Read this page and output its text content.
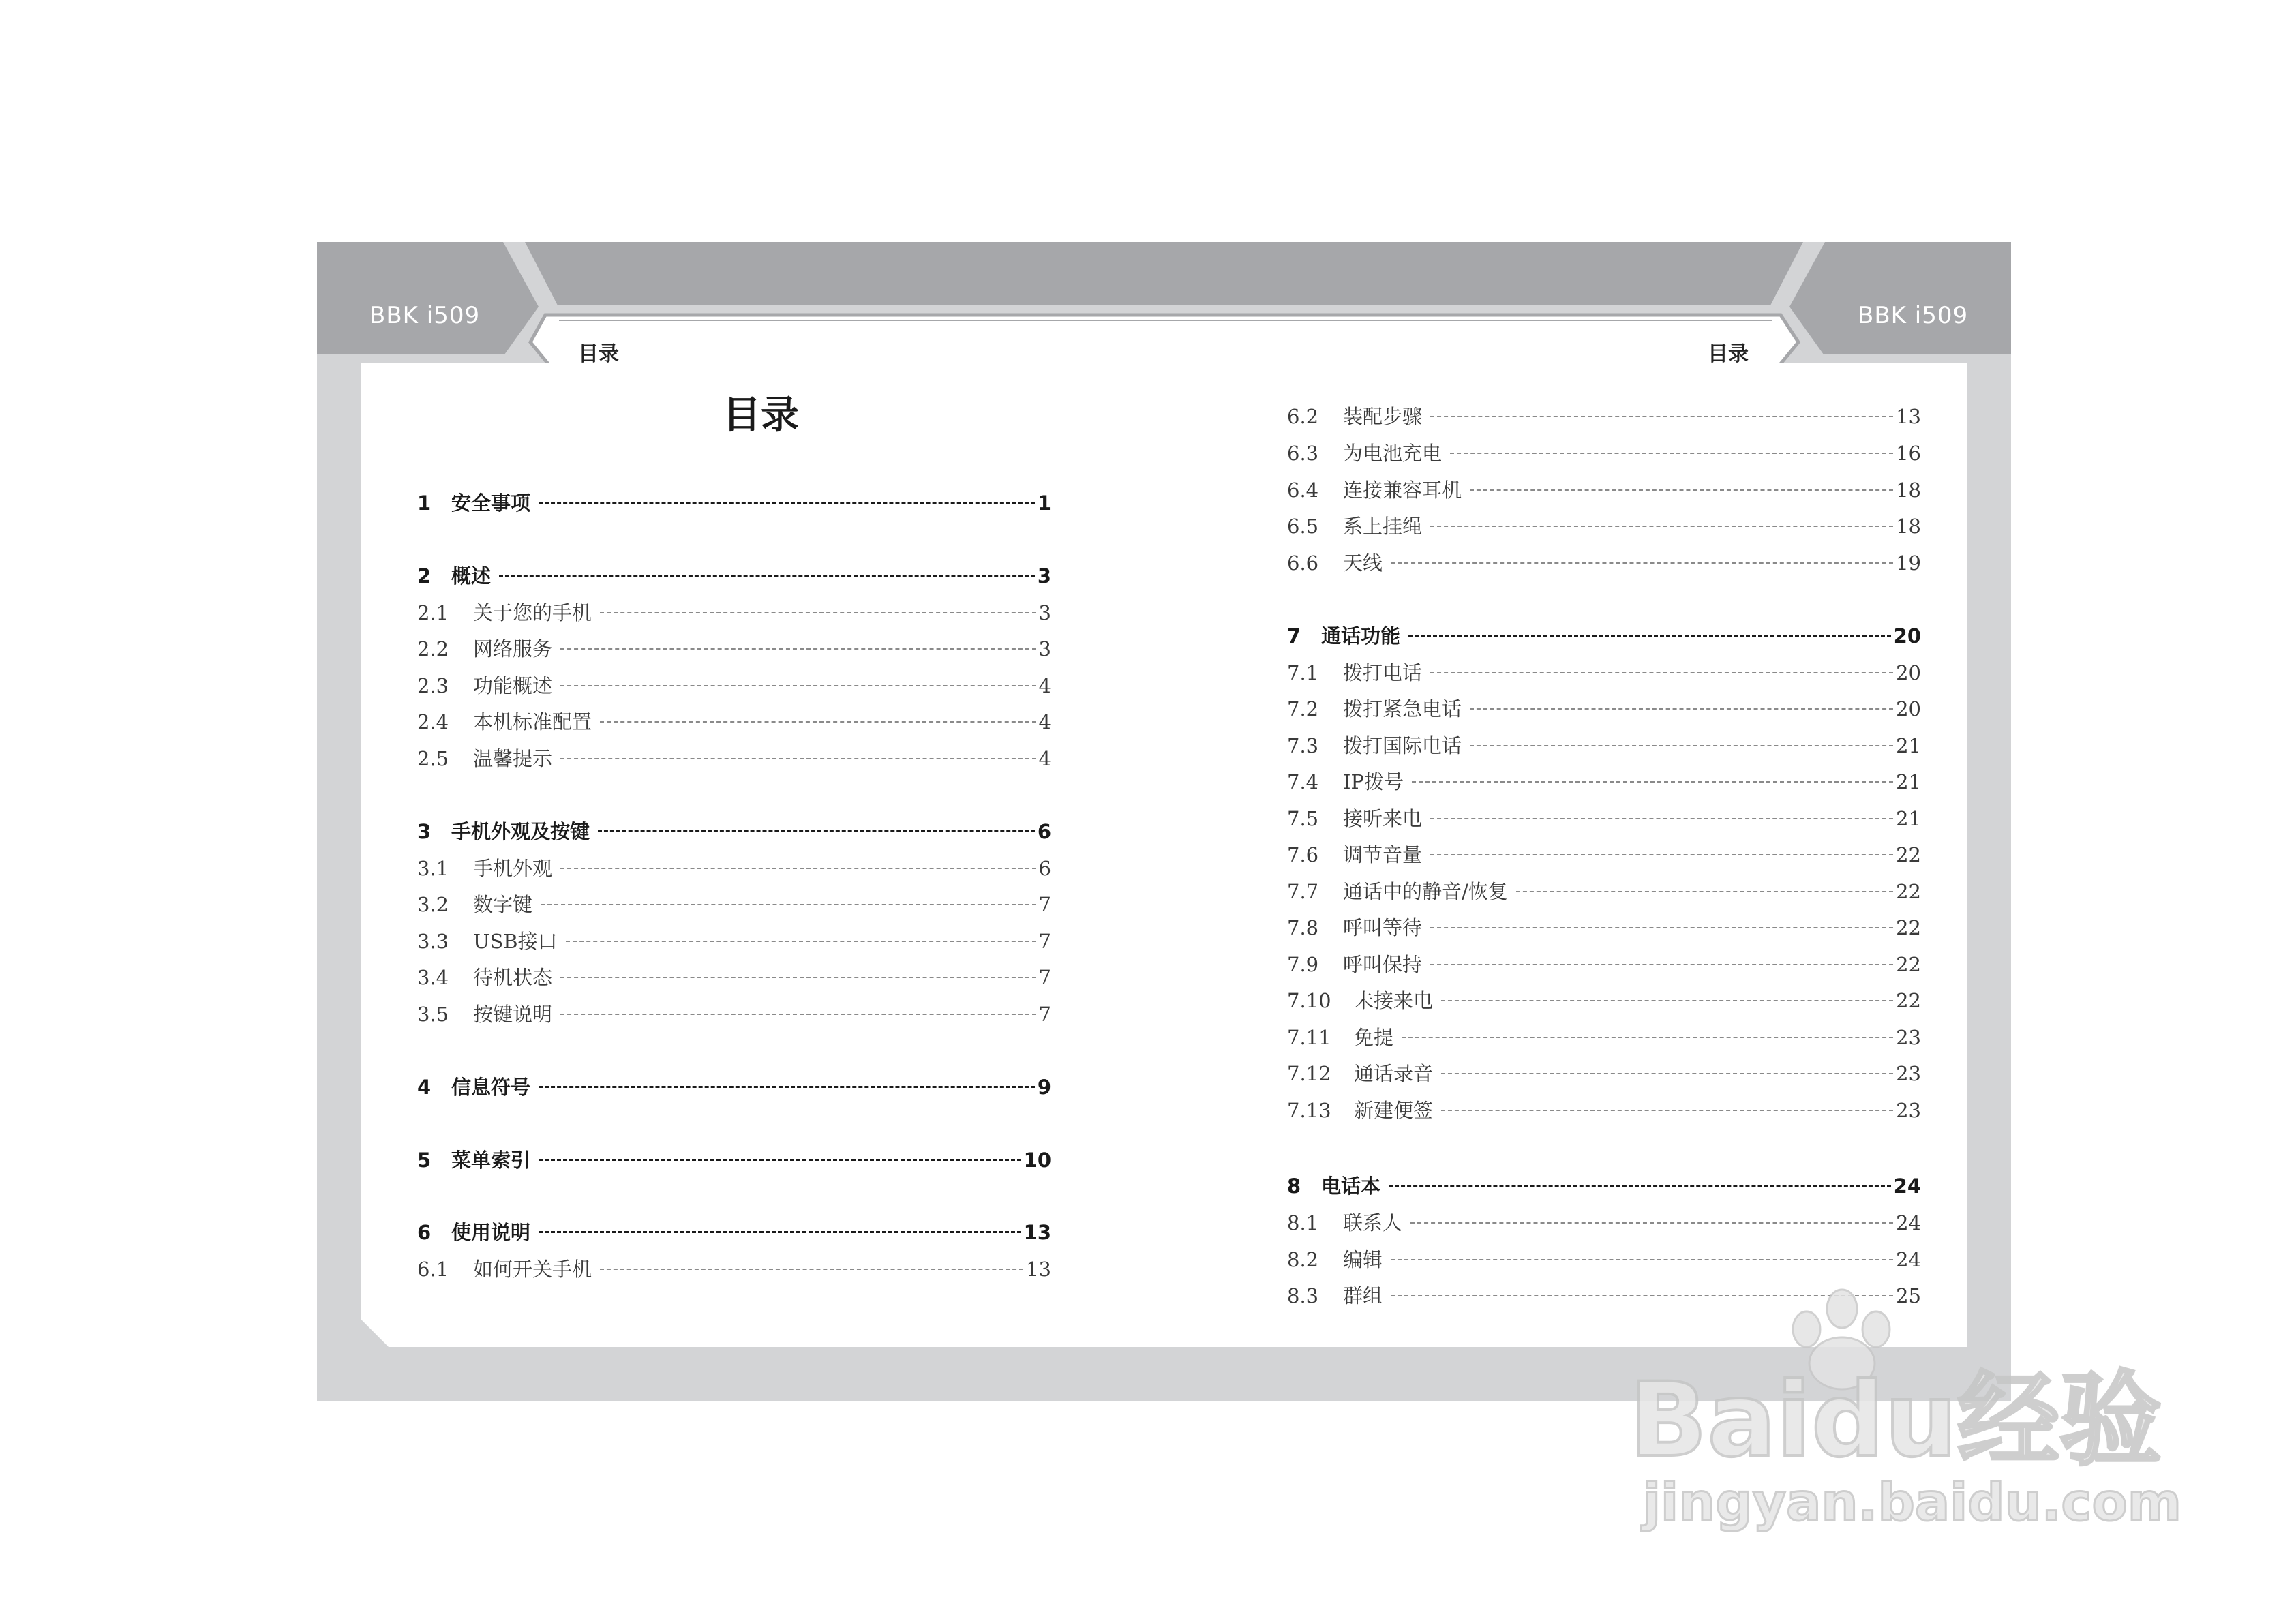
BBK i509	BBK i509
目录	目录
目录
1	安全事项	1
2	概述	3
2.1	关于您的手机	3
2.2	网络服务	3
2.3	功能概述	4
2.4	本机标准配置	4
2.5	温馨提示	4
3	手机外观及按键	6
3.1	手机外观	6
3.2	数字键	7
3.3	USB接口	7
3.4	待机状态	7
3.5	按键说明	7
4	信息符号	9
5	菜单索引	10
6	使用说明	13
6.1	如何开关手机	13
6.2	装配步骤	13
6.3	为电池充电	16
6.4	连接兼容耳机	18
6.5	系上挂绳	18
6.6	天线	19
7	通话功能	20
7.1	拨打电话	20
7.2	拨打紧急电话	20
7.3	拨打国际电话	21
7.4	IP拨号	21
7.5	接听来电	21
7.6	调节音量	22
7.7	通话中的静音/恢复	22
7.8	呼叫等待	22
7.9	呼叫保持	22
7.10	未接来电	22
7.11	免提	23
7.12	通话录音	23
7.13	新建便签	23
8	电话本	24
8.1	联系人	24
8.2	编辑	24
8.3	群组	25
Baidu经验
jingyan.baidu.com
